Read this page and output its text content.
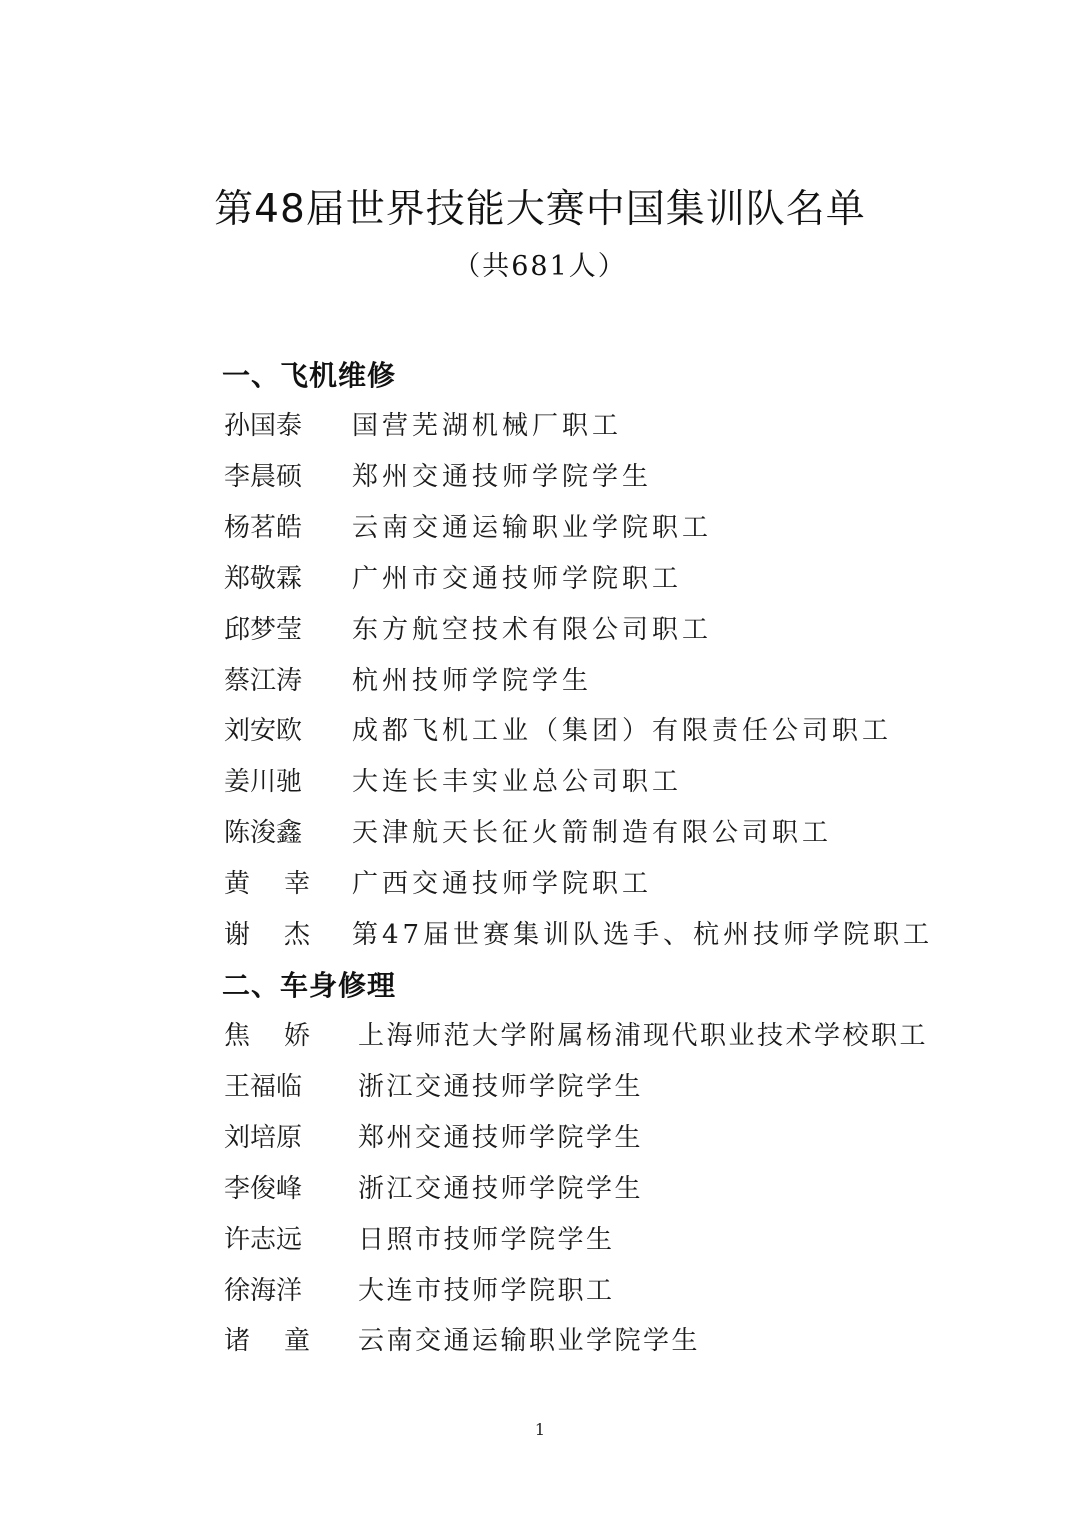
第48届世界技能大赛中国集训队名单
（共681人）
一、飞机维修
孙国泰	国营芜湖机械厂职工
李晨硕	郑州交通技师学院学生
杨茗皓	云南交通运输职业学院职工
郑敬霖	广州市交通技师学院职工
邱梦莹	东方航空技术有限公司职工
蔡江涛	杭州技师学院学生
刘安欧	成都飞机工业（集团）有限责任公司职工
姜川驰	大连长丰实业总公司职工
陈浚鑫	天津航天长征火箭制造有限公司职工
黄 幸 广西交通技师学院职工
谢 杰 第47届世赛集训队选手、杭州技师学院职工
二、车身修理
焦 娇 上海师范大学附属杨浦现代职业技术学校职工
王福临	浙江交通技师学院学生
刘培原	郑州交通技师学院学生
李俊峰	浙江交通技师学院学生
许志远	日照市技师学院学生
徐海洋	大连市技师学院职工
诸 童 云南交通运输职业学院学生
1
